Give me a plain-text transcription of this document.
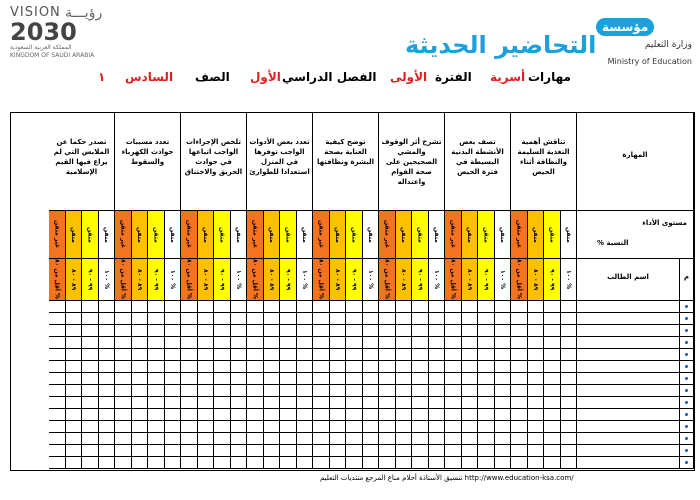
VISION رؤيـــة
2030
المملكة العربية السعودية
KINGDOM OF SAUDI ARABIA
مؤسسة
التحاضير الحديثة	وزارة التعليم
Ministry of Education
مهارات
أسرية
الفترة
الأولى
الفصل الدراسي
الأول
الصف
السادس
١
المهارة
مستوى الأداء
النسبة %
م
اسم الطالب
تناقش أهمية التغذية السليمة والنظافة أثناء الحيض
متقن
١٠٠ %
متقن
٩٩ - ٩٠
متقن
٨٩ - ٨٠
غير متقن
أقل من ٨٠ %
تصف بعض الأنشطة البدنية البسيطة في فترة الحيض
متقن
١٠٠ %
متقن
٩٩ - ٩٠
متقن
٨٩ - ٨٠
غير متقن
أقل من ٨٠ %
تشرح أثر الوقوف والمشي الصحيحين على صحة القوام واعتداله
متقن
١٠٠ %
متقن
٩٩ - ٩٠
متقن
٨٩ - ٨٠
غير متقن
أقل من ٨٠ %
توضح كيفية العناية بصحة البشرة ونظافتها
متقن
١٠٠ %
متقن
٩٩ - ٩٠
متقن
٨٩ - ٨٠
غير متقن
أقل من ٨٠ %
تعدد بعض الأدوات الواجب توفرها في المنزل استعدادا للطوارئ
متقن
١٠٠ %
متقن
٩٩ - ٩٠
متقن
٨٩ - ٨٠
غير متقن
أقل من ٨٠ %
تلخص الإجراءات الواجب اتباعها في حوادث الحريق والاختناق
متقن
١٠٠ %
متقن
٩٩ - ٩٠
متقن
٨٩ - ٨٠
غير متقن
أقل من ٨٠ %
تعدد مسببات حوادث الكهرباء والسقوط
متقن
١٠٠ %
متقن
٩٩ - ٩٠
متقن
٨٩ - ٨٠
غير متقن
أقل من ٨٠ %
تصدر حكما عن الملابس التي لم يراع فيها القيم الإسلامية
متقن
١٠٠ %
متقن
٩٩ - ٩٠
متقن
٨٩ - ٨٠
غير متقن
أقل من ٨٠ %
تنسيق الأستاذة أحلام مناع المرجع منتديات التعليم http://www.education-ksa.com/
